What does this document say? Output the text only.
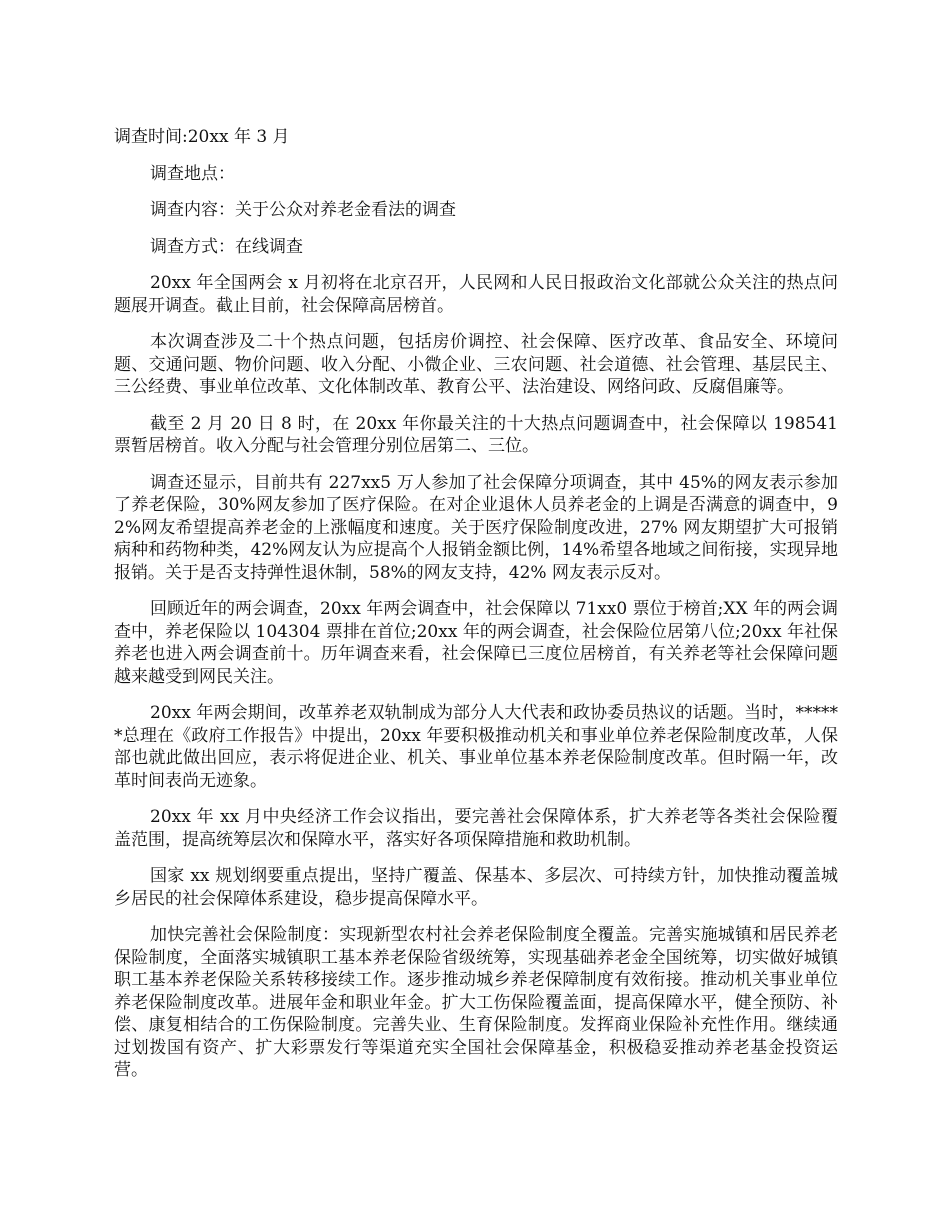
调查时间:20xx 年 3 月

调查地点：

调查内容：关于公众对养老金看法的调查

调查方式：在线调查

20xx 年全国两会 x 月初将在北京召开，人民网和人民日报政治文化部就公众关注的热点问题展开调查。截止目前，社会保障高居榜首。

本次调查涉及二十个热点问题，包括房价调控、社会保障、医疗改革、食品安全、环境问题、交通问题、物价问题、收入分配、小微企业、三农问题、社会道德、社会管理、基层民主、三公经费、事业单位改革、文化体制改革、教育公平、法治建设、网络问政、反腐倡廉等。

截至 2 月 20 日 8 时，在 20xx 年你最关注的十大热点问题调查中，社会保障以 198541 票暂居榜首。收入分配与社会管理分别位居第二、三位。

调查还显示，目前共有 227xx5 万人参加了社会保障分项调查，其中 45%的网友表示参加了养老保险，30%网友参加了医疗保险。在对企业退休人员养老金的上调是否满意的调查中，92%网友希望提高养老金的上涨幅度和速度。关于医疗保险制度改进，27% 网友期望扩大可报销病种和药物种类，42%网友认为应提高个人报销金额比例，14%希望各地域之间衔接，实现异地报销。关于是否支持弹性退休制，58%的网友支持，42% 网友表示反对。

回顾近年的两会调查，20xx 年两会调查中，社会保障以 71xx0 票位于榜首;XX 年的两会调查中，养老保险以 104304 票排在首位;20xx 年的两会调查，社会保险位居第八位;20xx 年社保养老也进入两会调查前十。历年调查来看，社会保障已三度位居榜首，有关养老等社会保障问题越来越受到网民关注。

20xx 年两会期间，改革养老双轨制成为部分人大代表和政协委员热议的话题。当时，******总理在《政府工作报告》中提出，20xx 年要积极推动机关和事业单位养老保险制度改革，人保部也就此做出回应，表示将促进企业、机关、事业单位基本养老保险制度改革。但时隔一年，改革时间表尚无迹象。

20xx 年 xx 月中央经济工作会议指出，要完善社会保障体系，扩大养老等各类社会保险覆盖范围，提高统筹层次和保障水平，落实好各项保障措施和救助机制。

国家 xx 规划纲要重点提出，坚持广覆盖、保基本、多层次、可持续方针，加快推动覆盖城乡居民的社会保障体系建设，稳步提高保障水平。

加快完善社会保险制度：实现新型农村社会养老保险制度全覆盖。完善实施城镇和居民养老保险制度，全面落实城镇职工基本养老保险省级统筹，实现基础养老金全国统筹，切实做好城镇职工基本养老保险关系转移接续工作。逐步推动城乡养老保障制度有效衔接。推动机关事业单位养老保险制度改革。进展年金和职业年金。扩大工伤保险覆盖面，提高保障水平，健全预防、补偿、康复相结合的工伤保险制度。完善失业、生育保险制度。发挥商业保险补充性作用。继续通过划拨国有资产、扩大彩票发行等渠道充实全国社会保障基金，积极稳妥推动养老基金投资运营。
